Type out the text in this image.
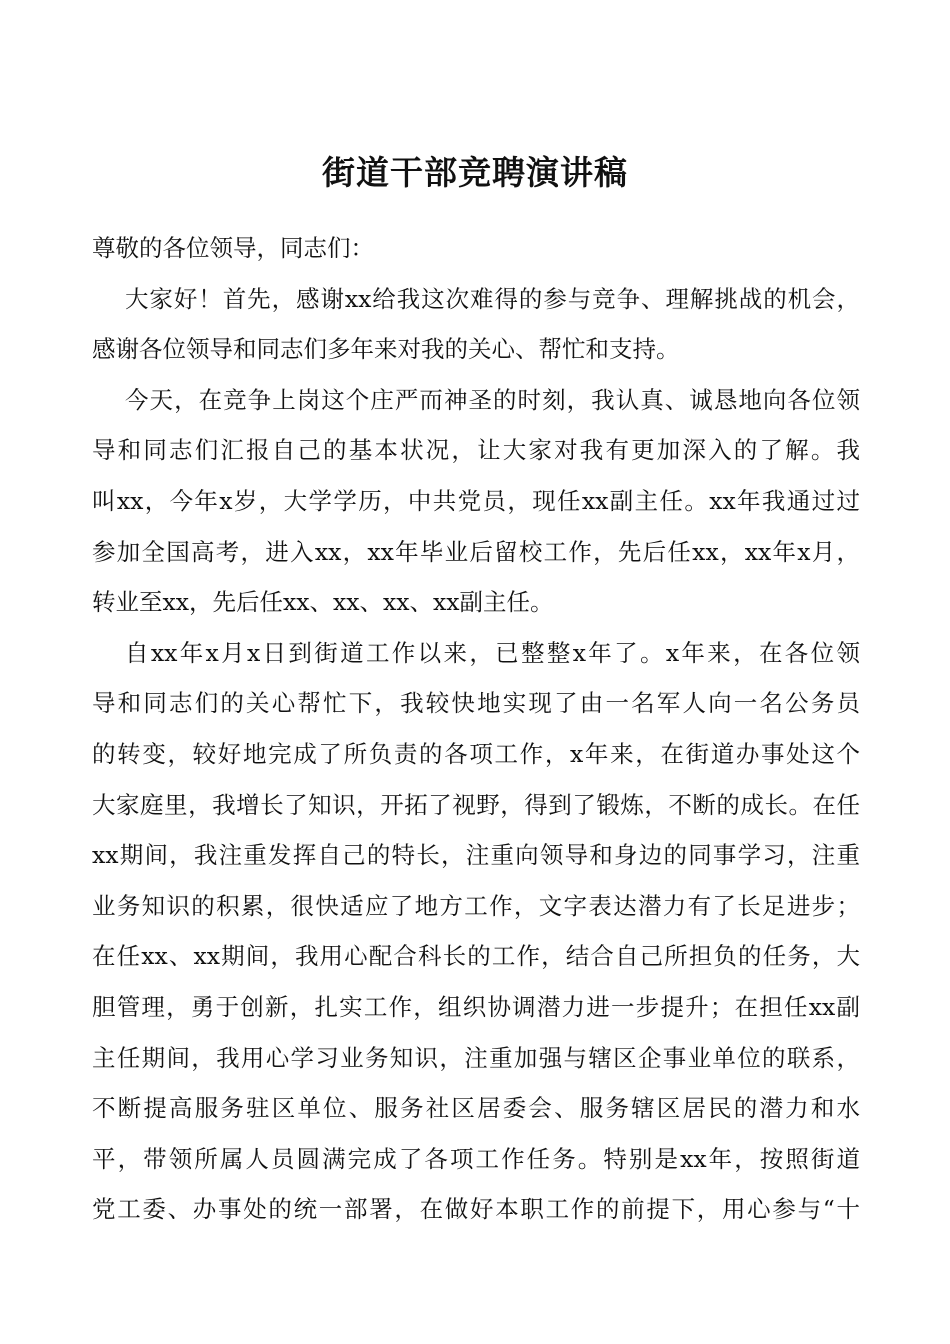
街道干部竞聘演讲稿
尊敬的各位领导，同志们：
大家好！首先，感谢xx给我这次难得的参与竞争、理解挑战的机会，
感谢各位领导和同志们多年来对我的关心、帮忙和支持。
今天，在竞争上岗这个庄严而神圣的时刻，我认真、诚恳地向各位领
导和同志们汇报自己的基本状况，让大家对我有更加深入的了解。我
叫xx，今年x岁，大学学历，中共党员，现任xx副主任。xx年我通过过
参加全国高考，进入xx，xx年毕业后留校工作，先后任xx，xx年x月，
转业至xx，先后任xx、xx、xx、xx副主任。
自xx年x月x日到街道工作以来，已整整x年了。x年来，在各位领
导和同志们的关心帮忙下，我较快地实现了由一名军人向一名公务员
的转变，较好地完成了所负责的各项工作，x年来，在街道办事处这个
大家庭里，我增长了知识，开拓了视野，得到了锻炼，不断的成长。在任
xx期间，我注重发挥自己的特长，注重向领导和身边的同事学习，注重
业务知识的积累，很快适应了地方工作，文字表达潜力有了长足进步；
在任xx、xx期间，我用心配合科长的工作，结合自己所担负的任务，大
胆管理，勇于创新，扎实工作，组织协调潜力进一步提升；在担任xx副
主任期间，我用心学习业务知识，注重加强与辖区企事业单位的联系，
不断提高服务驻区单位、服务社区居委会、服务辖区居民的潜力和水
平，带领所属人员圆满完成了各项工作任务。特别是xx年，按照街道
党工委、办事处的统一部署，在做好本职工作的前提下，用心参与“十
